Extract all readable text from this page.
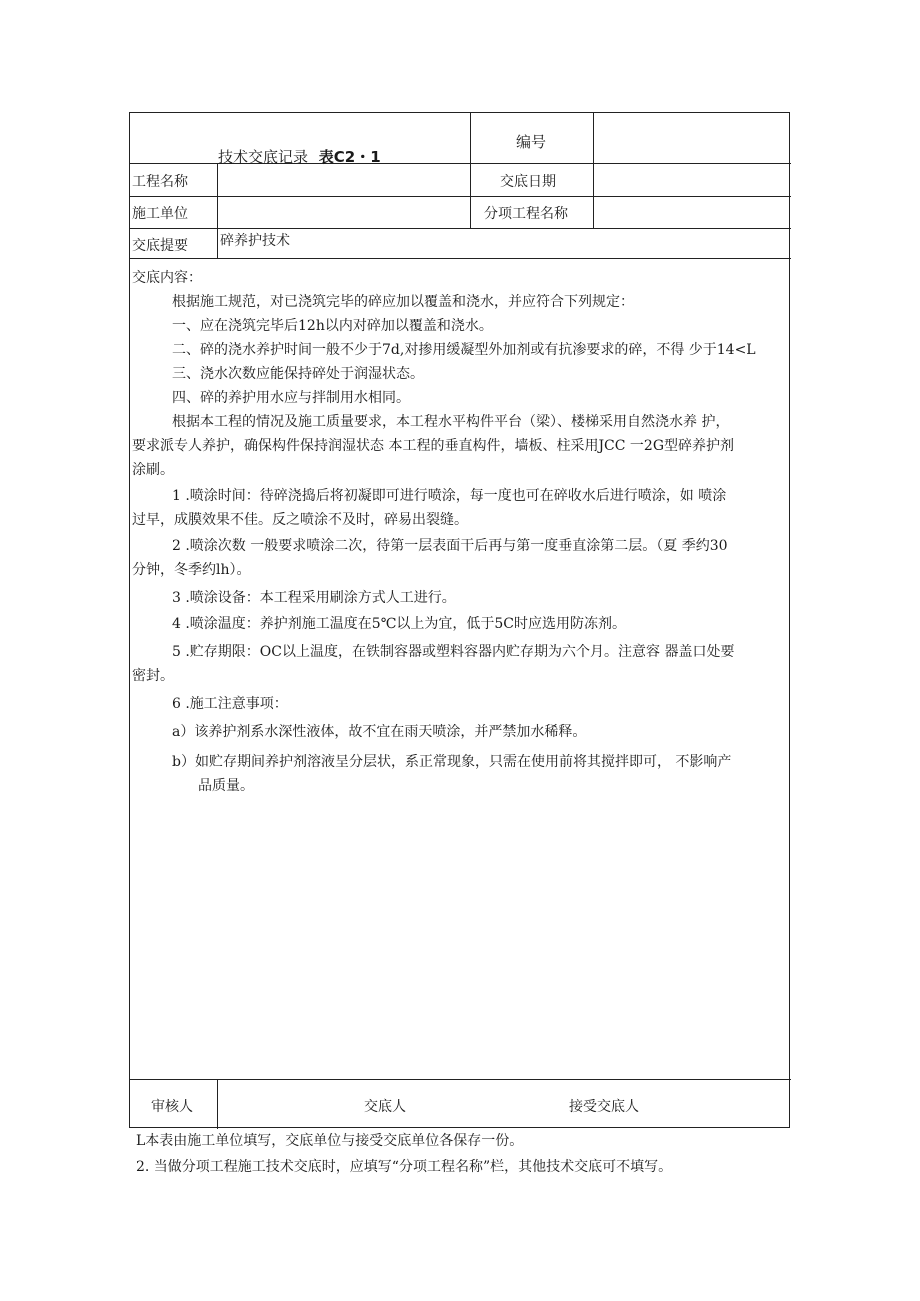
技术交底记录 表C2・1
编号
工程名称	交底日期
施工单位	分项工程名称
交底提要 碎养护技术
交底内容：
根据施工规范，对已浇筑完毕的碎应加以覆盖和浇水，并应符合下列规定：
一、应在浇筑完毕后12h以内对碎加以覆盖和浇水。
二、碎的浇水养护时间一般不少于7d,对掺用缓凝型外加剂或有抗渗要求的碎，不得 少于14<L
三、浇水次数应能保持碎处于润湿状态。
四、碎的养护用水应与拌制用水相同。
根据本工程的情况及施工质量要求，本工程水平构件平台（梁）、楼梯采用自然浇水养 护，
要求派专人养护，确保构件保持润湿状态 本工程的垂直构件，墙板、柱采用JCC 一2G型碎养护剂
涂刷。
1 .喷涂时间：待碎浇捣后将初凝即可进行喷涂，每一度也可在碎收水后进行喷涂，如 喷涂
过早，成膜效果不佳。反之喷涂不及时，碎易出裂缝。
2 .喷涂次数 一般要求喷涂二次，待第一层表面干后再与第一度垂直涂第二层。（夏 季约30
分钟，冬季约lh）。
3 .喷涂设备：本工程采用刷涂方式人工进行。
4 .喷涂温度：养护剂施工温度在5℃以上为宜，低于5C时应选用防冻剂。
5 .贮存期限：OC以上温度，在铁制容器或塑料容器内贮存期为六个月。注意容 器盖口处要
密封。
6 .施工注意事项：
a）该养护剂系水深性液体，故不宜在雨天喷涂，并严禁加水稀释。
b）如贮存期间养护剂溶液呈分层状，系正常现象，只需在使用前将其搅拌即可， 不影响产
品质量。
审核人	交底人	接受交底人
L本表由施工单位填写，交底单位与接受交底单位各保存一份。
2. 当做分项工程施工技术交底时，应填写“分项工程名称”栏，其他技术交底可不填写。
